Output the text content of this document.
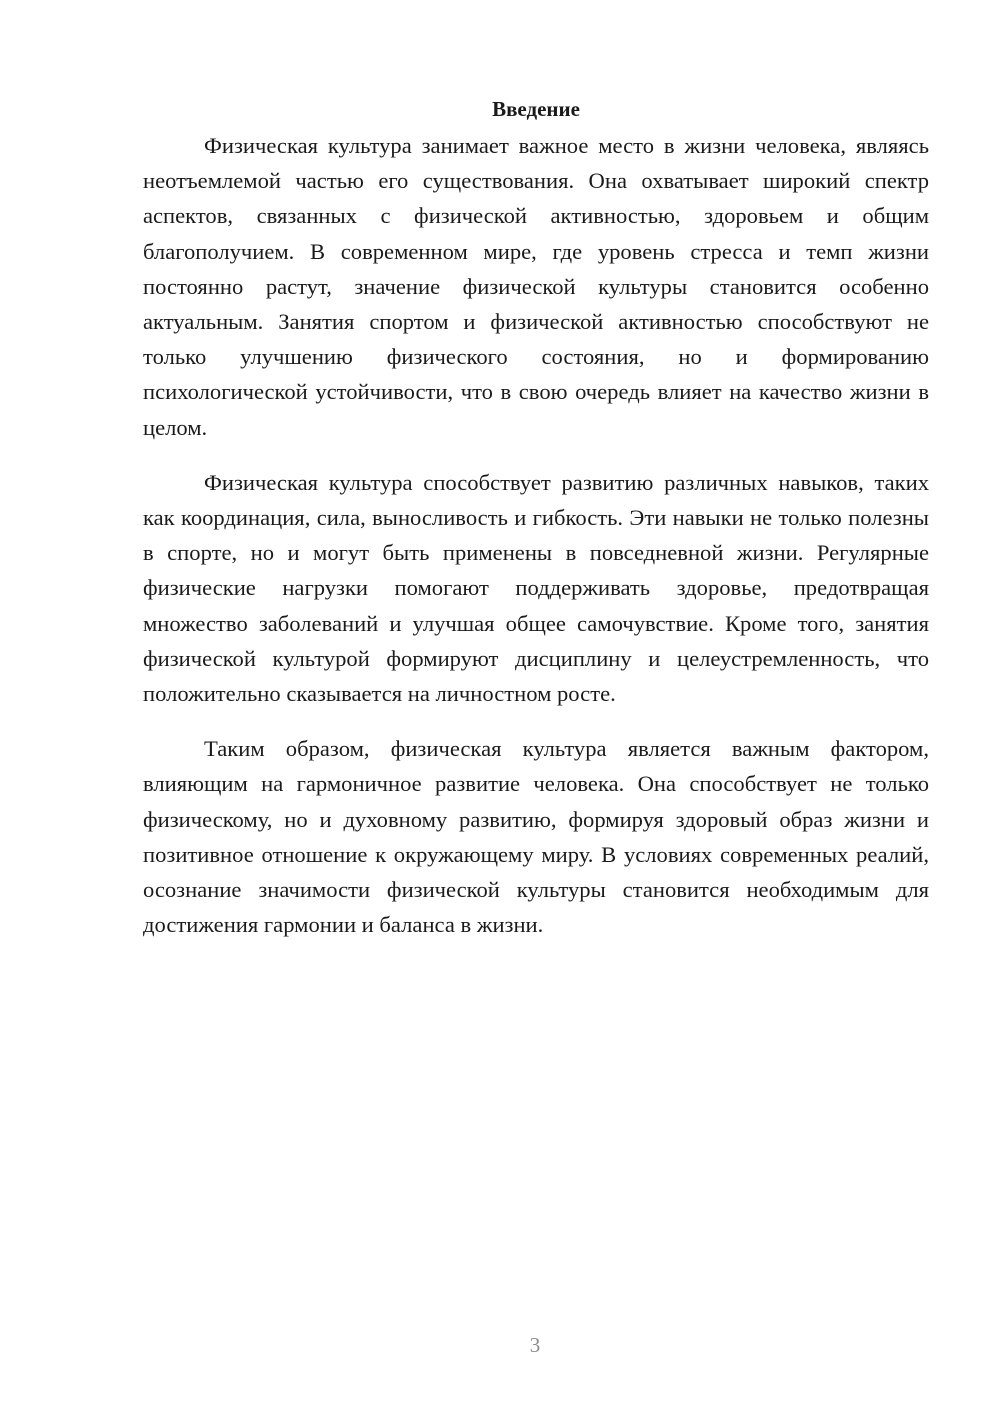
Введение

Физическая культура занимает важное место в жизни человека, являясь неотъемлемой частью его существования. Она охватывает широкий спектр аспектов, связанных с физической активностью, здоровьем и общим благополучием. В современном мире, где уровень стресса и темп жизни постоянно растут, значение физической культуры становится особенно актуальным. Занятия спортом и физической активностью способствуют не только улучшению физического состояния, но и формированию психологической устойчивости, что в свою очередь влияет на качество жизни в целом.

Физическая культура способствует развитию различных навыков, таких как координация, сила, выносливость и гибкость. Эти навыки не только полезны в спорте, но и могут быть применены в повседневной жизни. Регулярные физические нагрузки помогают поддерживать здоровье, предотвращая множество заболеваний и улучшая общее самочувствие. Кроме того, занятия физической культурой формируют дисциплину и целеустремленность, что положительно сказывается на личностном росте.

Таким образом, физическая культура является важным фактором, влияющим на гармоничное развитие человека. Она способствует не только физическому, но и духовному развитию, формируя здоровый образ жизни и позитивное отношение к окружающему миру. В условиях современных реалий, осознание значимости физической культуры становится необходимым для достижения гармонии и баланса в жизни.

3
